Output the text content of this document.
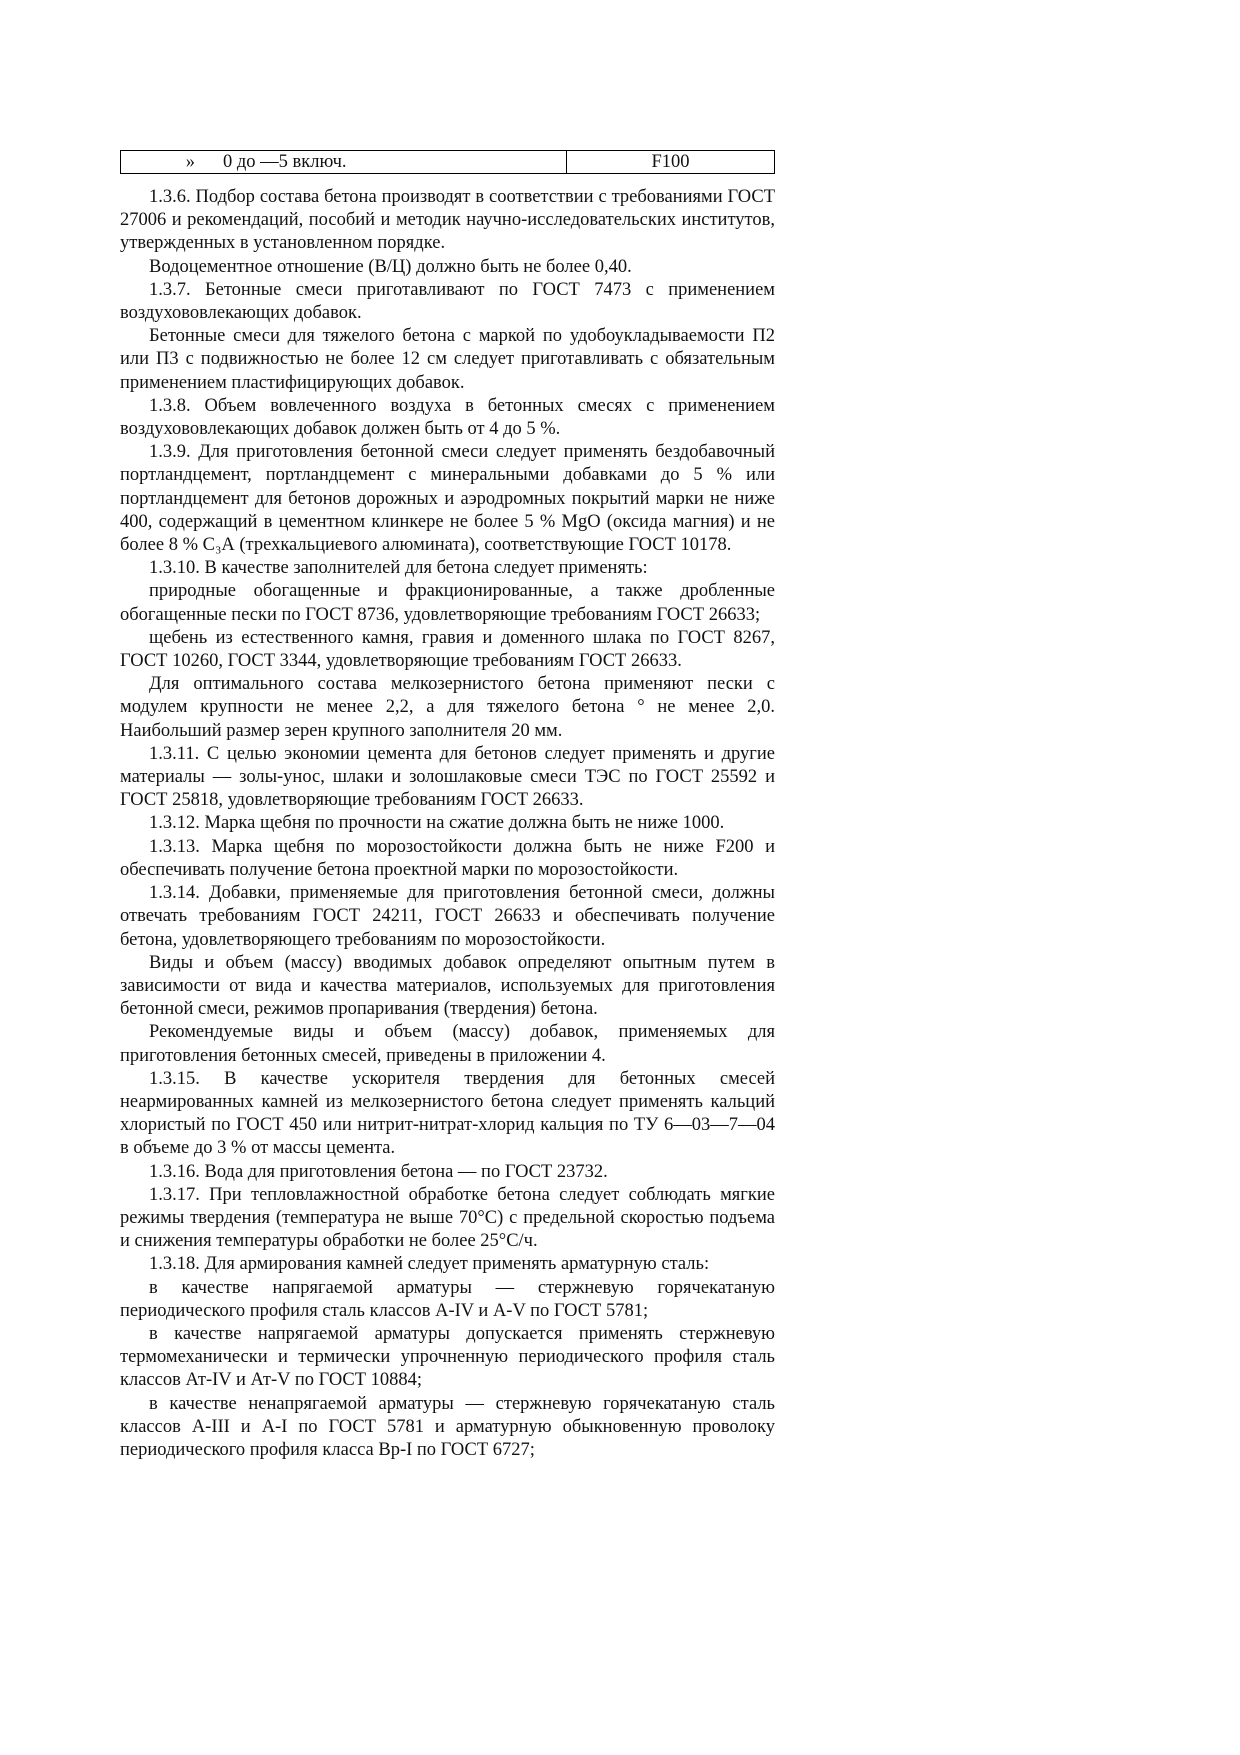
» 0 до —5 включ.	F100

1.3.6. Подбор состава бетона производят в соответствии с требованиями ГОСТ 27006 и рекомендаций, пособий и методик научно-исследовательских институтов, утвержденных в установленном порядке.

Водоцементное отношение (В/Ц) должно быть не более 0,40.

1.3.7. Бетонные смеси приготавливают по ГОСТ 7473 с применением воздухововлекающих добавок.

Бетонные смеси для тяжелого бетона с маркой по удобоукладываемости П2 или П3 с подвижностью не более 12 см следует приготавливать с обязательным применением пластифицирующих добавок.

1.3.8. Объем вовлеченного воздуха в бетонных смесях с применением воздухововлекающих добавок должен быть от 4 до 5 %.

1.3.9. Для приготовления бетонной смеси следует применять бездобавочный портландцемент, портландцемент с минеральными добавками до 5 % или портландцемент для бетонов дорожных и аэродромных покрытий марки не ниже 400, содержащий в цементном клинкере не более 5 % MgO (оксида магния) и не более 8 % С₃А (трехкальциевого алюмината), соответствующие ГОСТ 10178.

1.3.10. В качестве заполнителей для бетона следует применять:

природные обогащенные и фракционированные, а также дробленные обогащенные пески по ГОСТ 8736, удовлетворяющие требованиям ГОСТ 26633;

щебень из естественного камня, гравия и доменного шлака по ГОСТ 8267, ГОСТ 10260, ГОСТ 3344, удовлетворяющие требованиям ГОСТ 26633.

Для оптимального состава мелкозернистого бетона применяют пески с модулем крупности не менее 2,2, а для тяжелого бетона ° не менее 2,0. Наибольший размер зерен крупного заполнителя 20 мм.

1.3.11. С целью экономии цемента для бетонов следует применять и другие материалы — золы-унос, шлаки и золошлаковые смеси ТЭС по ГОСТ 25592 и ГОСТ 25818, удовлетворяющие требованиям ГОСТ 26633.

1.3.12. Марка щебня по прочности на сжатие должна быть не ниже 1000.

1.3.13. Марка щебня по морозостойкости должна быть не ниже F200 и обеспечивать получение бетона проектной марки по морозостойкости.

1.3.14. Добавки, применяемые для приготовления бетонной смеси, должны отвечать требованиям ГОСТ 24211, ГОСТ 26633 и обеспечивать получение бетона, удовлетворяющего требованиям по морозостойкости.

Виды и объем (массу) вводимых добавок определяют опытным путем в зависимости от вида и качества материалов, используемых для приготовления бетонной смеси, режимов пропаривания (твердения) бетона.

Рекомендуемые виды и объем (массу) добавок, применяемых для приготовления бетонных смесей, приведены в приложении 4.

1.3.15. В качестве ускорителя твердения для бетонных смесей неармированных камней из мелкозернистого бетона следует применять кальций хлористый по ГОСТ 450 или нитрит-нитрат-хлорид кальция по ТУ 6—03—7—04 в объеме до 3 % от массы цемента.

1.3.16. Вода для приготовления бетона — по ГОСТ 23732.

1.3.17. При тепловлажностной обработке бетона следует соблюдать мягкие режимы твердения (температура не выше 70°С) с предельной скоростью подъема и снижения температуры обработки не более 25°С/ч.

1.3.18. Для армирования камней следует применять арматурную сталь:

в качестве напрягаемой арматуры — стержневую горячекатаную периодического профиля сталь классов А-IV и А-V по ГОСТ 5781;

в качестве напрягаемой арматуры допускается применять стержневую термомеханически и термически упрочненную периодического профиля сталь классов Ат-IV и Ат-V по ГОСТ 10884;

в качестве ненапрягаемой арматуры — стержневую горячекатаную сталь классов А-III и А-I по ГОСТ 5781 и арматурную обыкновенную проволоку периодического профиля класса Вр-I по ГОСТ 6727;
